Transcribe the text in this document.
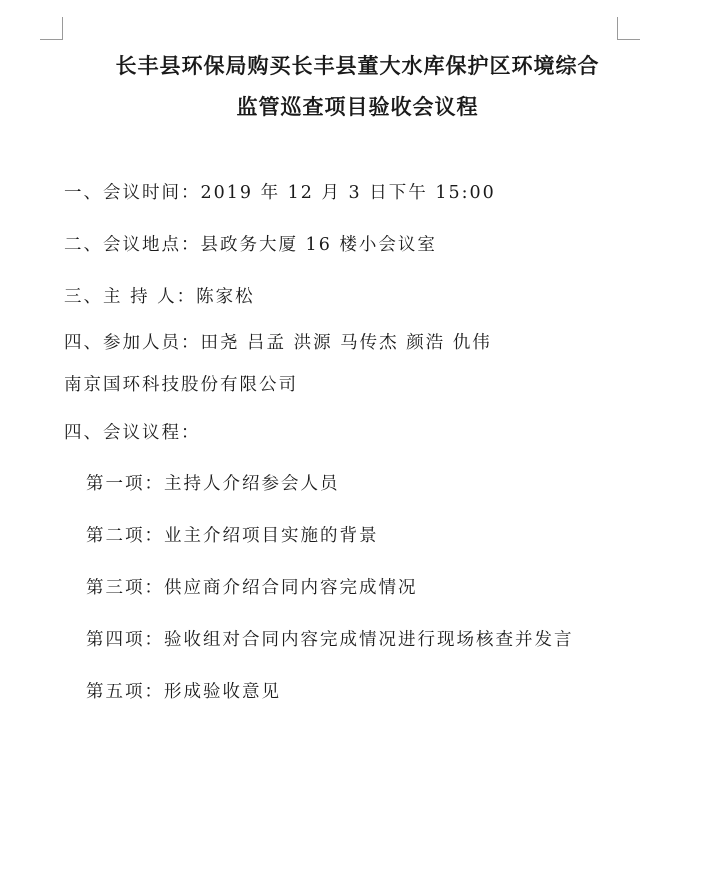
长丰县环保局购买长丰县董大水库保护区环境综合
监管巡查项目验收会议程
一、会议时间：2019 年 12 月 3 日下午 15:00
二、会议地点：县政务大厦 16 楼小会议室
三、主 持 人：陈家松
四、参加人员：田尧 吕孟 洪源 马传杰 颜浩 仇伟
南京国环科技股份有限公司
四、会议议程：
第一项：主持人介绍参会人员
第二项：业主介绍项目实施的背景
第三项：供应商介绍合同内容完成情况
第四项：验收组对合同内容完成情况进行现场核查并发言
第五项：形成验收意见
